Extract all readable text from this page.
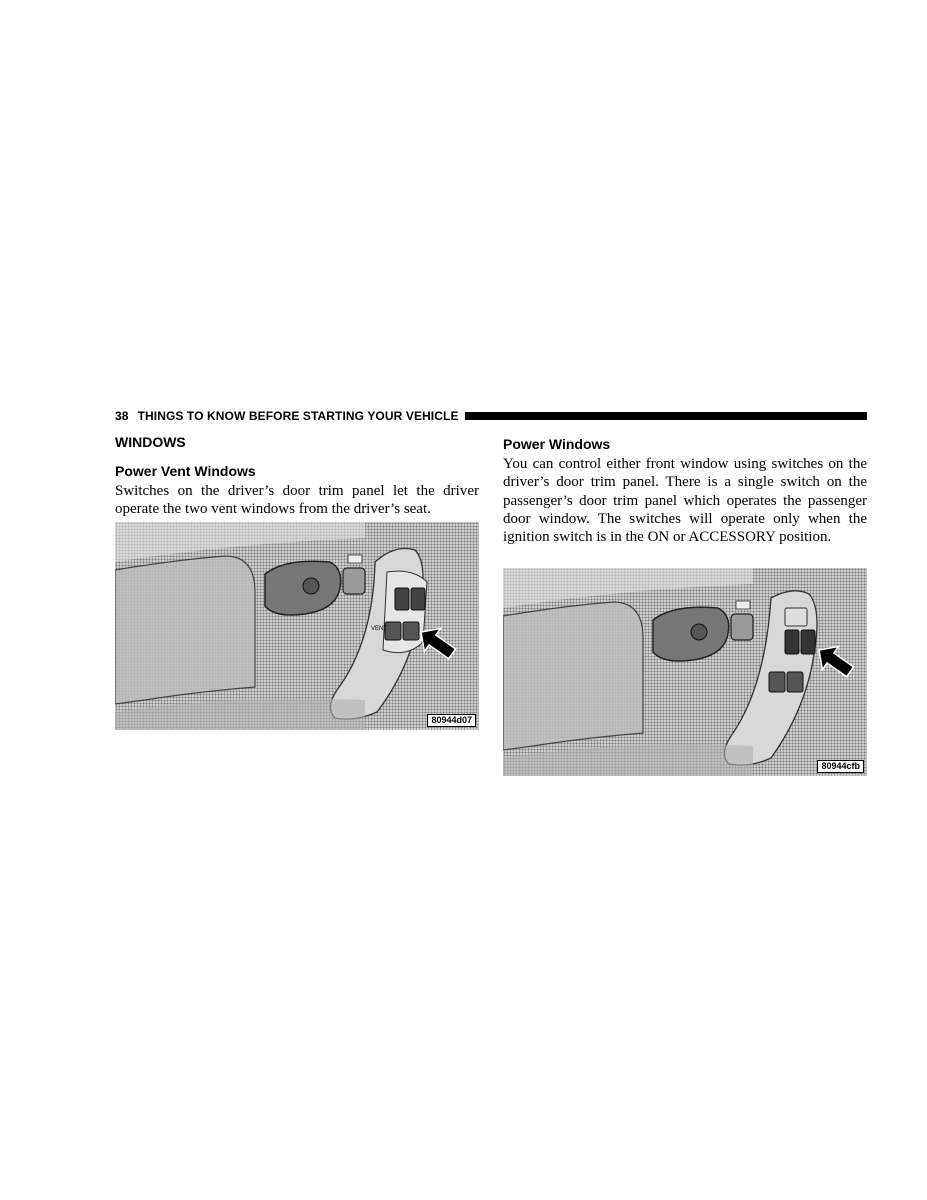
38 THINGS TO KNOW BEFORE STARTING YOUR VEHICLE
WINDOWS
Power Vent Windows

Switches on the driver’s door trim panel let the driver operate the two vent windows from the driver’s seat.

VENT
80944d07
Power Windows

You can control either front window using switches on the driver’s door trim panel. There is a single switch on the passenger’s door trim panel which operates the passenger door window. The switches will operate only when the ignition switch is in the ON or ACCESSORY position.

80944cfb
